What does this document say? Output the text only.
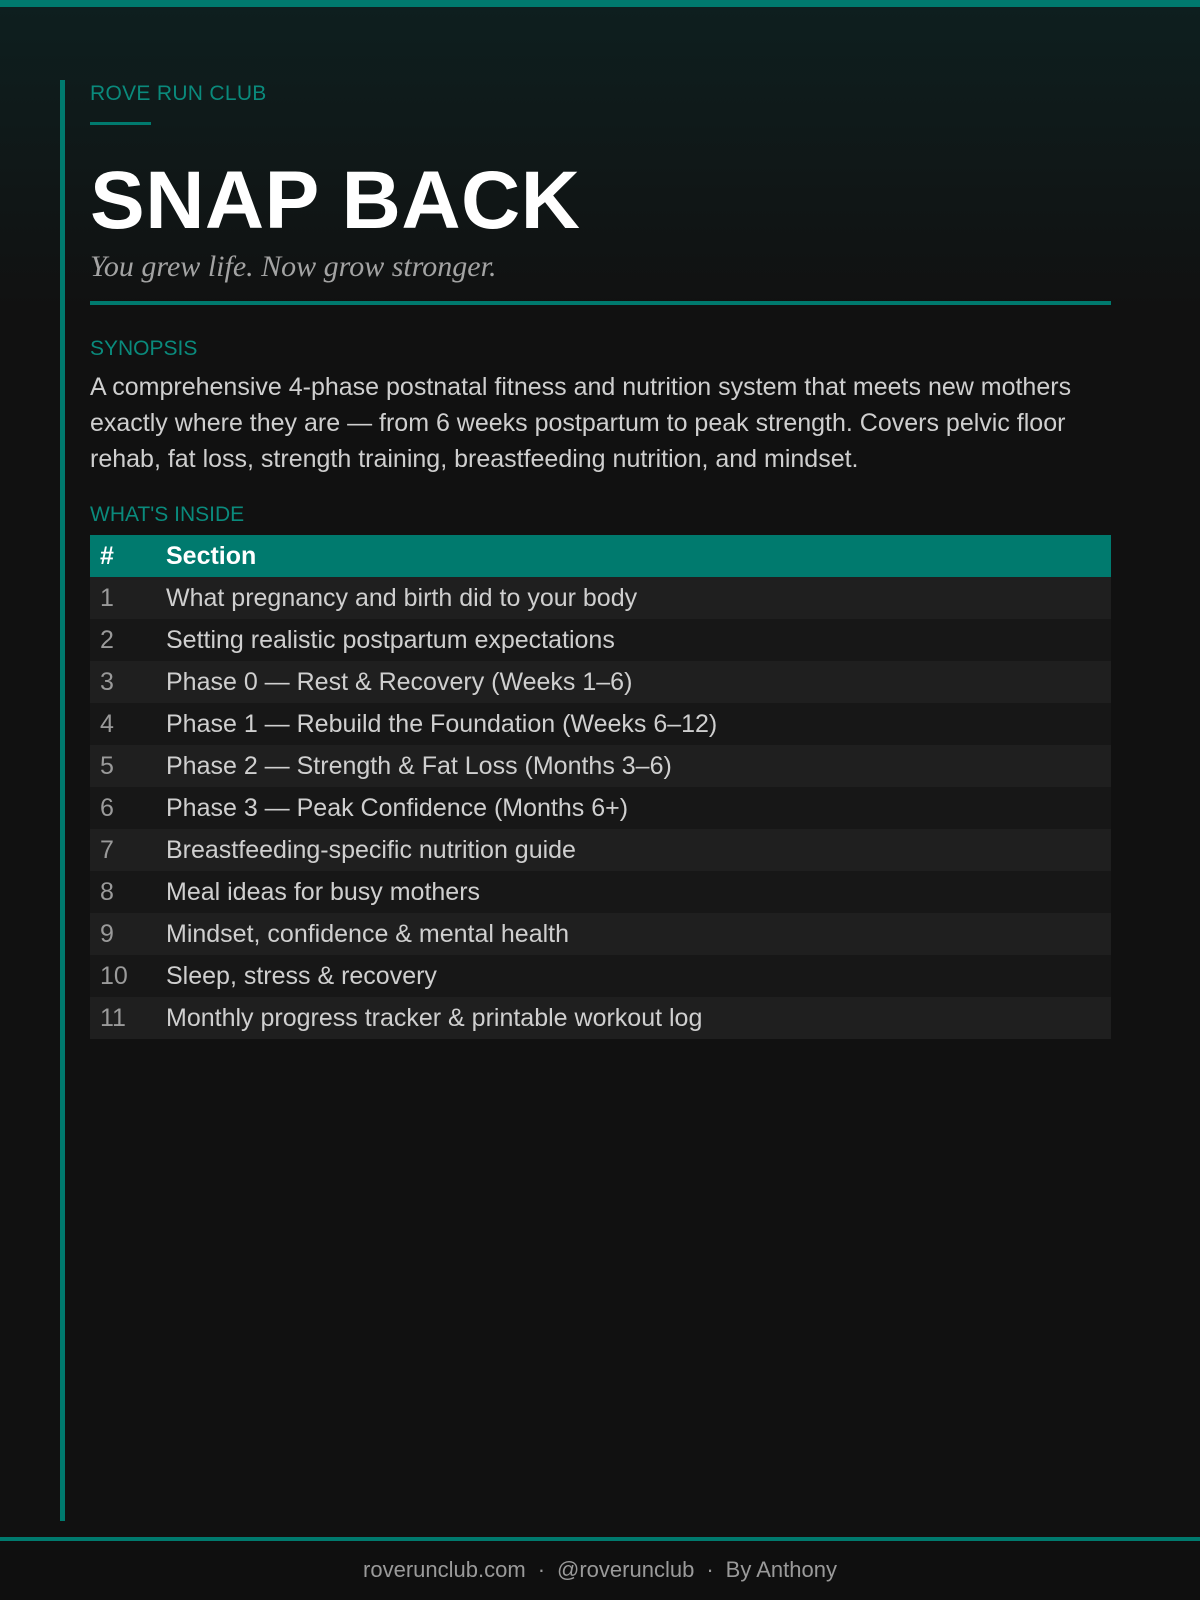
ROVE RUN CLUB
SNAP BACK
You grew life. Now grow stronger.
SYNOPSIS
A comprehensive 4-phase postnatal fitness and nutrition system that meets new mothers exactly where they are — from 6 weeks postpartum to peak strength. Covers pelvic floor rehab, fat loss, strength training, breastfeeding nutrition, and mindset.
WHAT'S INSIDE
#	Section
1	What pregnancy and birth did to your body
2	Setting realistic postpartum expectations
3	Phase 0 — Rest & Recovery (Weeks 1–6)
4	Phase 1 — Rebuild the Foundation (Weeks 6–12)
5	Phase 2 — Strength & Fat Loss (Months 3–6)
6	Phase 3 — Peak Confidence (Months 6+)
7	Breastfeeding-specific nutrition guide
8	Meal ideas for busy mothers
9	Mindset, confidence & mental health
10	Sleep, stress & recovery
11	Monthly progress tracker & printable workout log
roverunclub.com · @roverunclub · By Anthony
